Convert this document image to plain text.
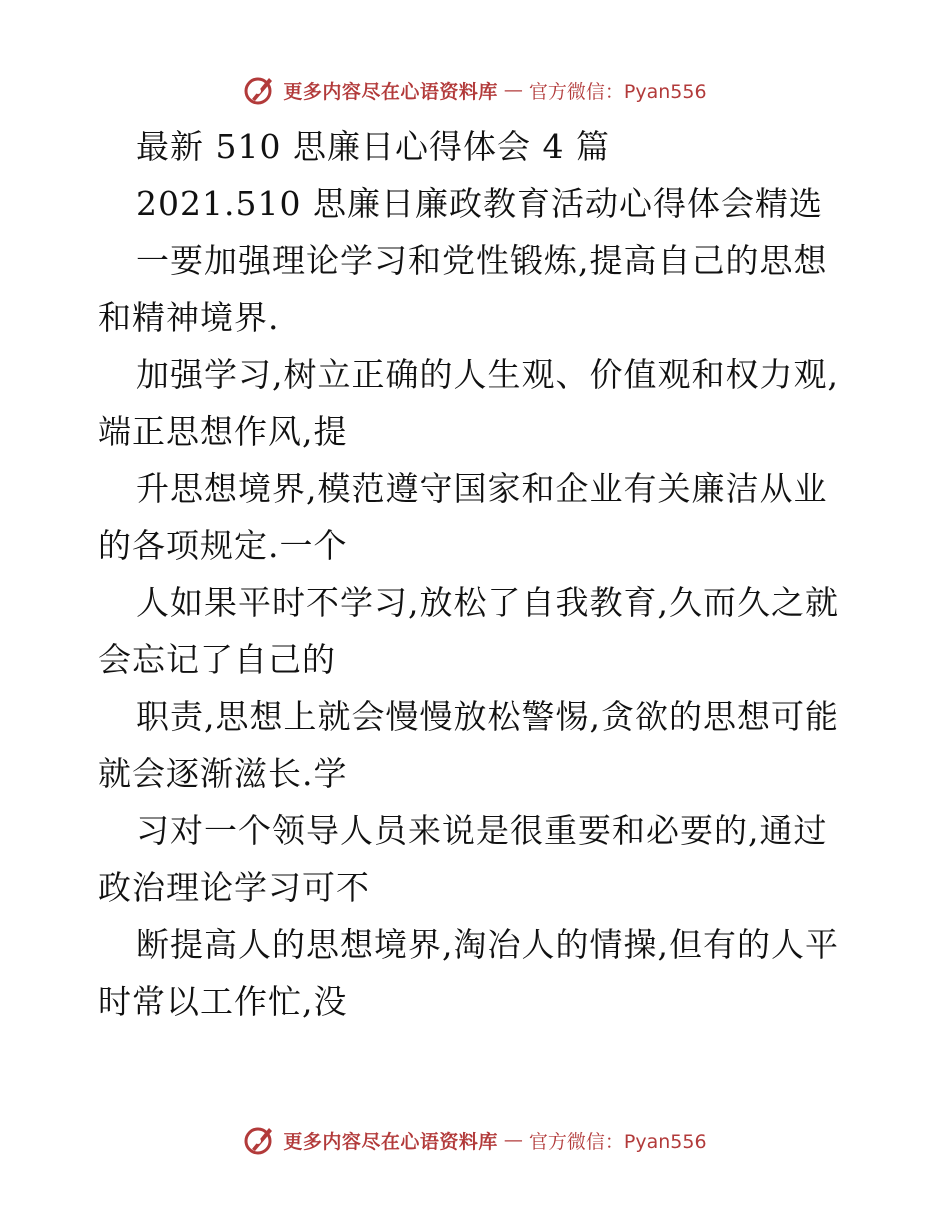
更多内容尽在心语资料库 — 官方微信：Pyan556
最新 510 思廉日心得体会 4 篇
2021.510 思廉日廉政教育活动心得体会精选
一要加强理论学习和党性锻炼,提高自己的思想
和精神境界.
加强学习,树立正确的人生观、价值观和权力观,
端正思想作风,提
升思想境界,模范遵守国家和企业有关廉洁从业
的各项规定.一个
人如果平时不学习,放松了自我教育,久而久之就
会忘记了自己的
职责,思想上就会慢慢放松警惕,贪欲的思想可能
就会逐渐滋长.学
习对一个领导人员来说是很重要和必要的,通过
政治理论学习可不
断提高人的思想境界,淘冶人的情操,但有的人平
时常以工作忙,没
更多内容尽在心语资料库 — 官方微信：Pyan556
